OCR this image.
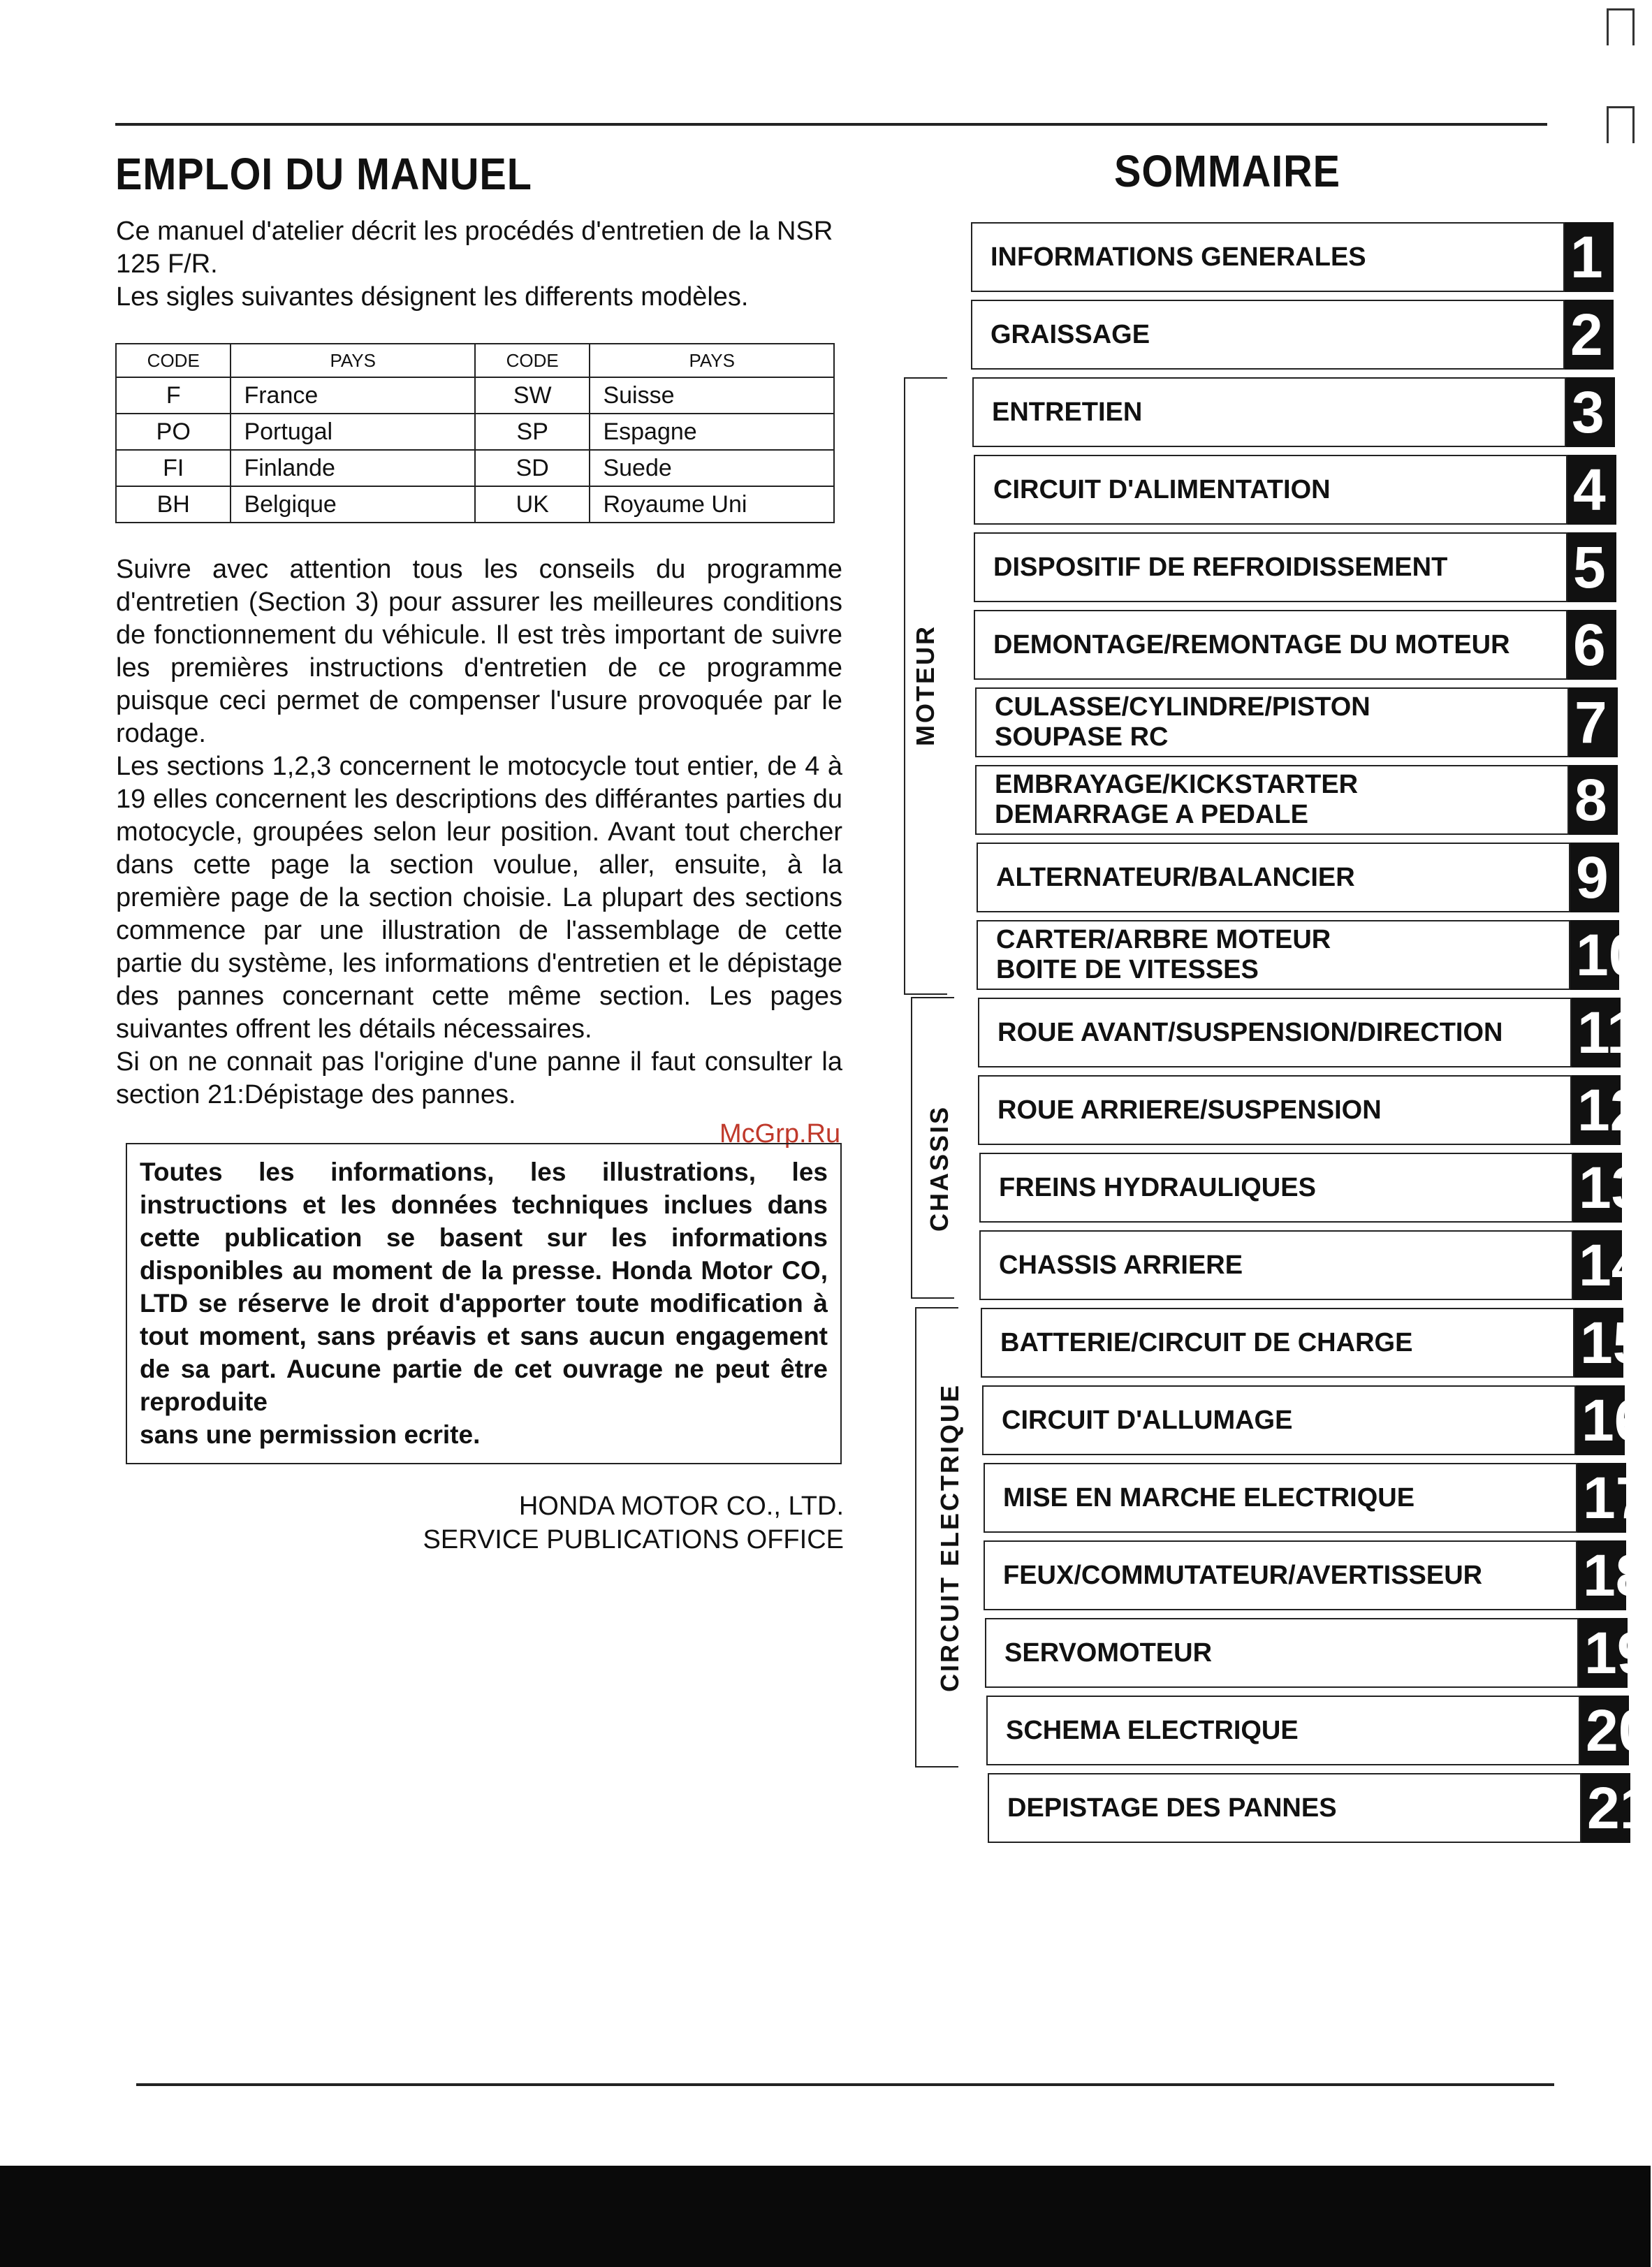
EMPLOI DU MANUEL
Ce manuel d'atelier décrit les procédés d'entretien de la NSR 125 F/R.
Les sigles suivantes désignent les differents modèles.
CODE	PAYS	CODE	PAYS
F	France	SW	Suisse
PO	Portugal	SP	Espagne
FI	Finlande	SD	Suede
BH	Belgique	UK	Royaume Uni
Suivre avec attention tous les conseils du programme d'entretien (Section 3) pour assurer les meilleures conditions de fonctionnement du véhicule. Il est très important de suivre les premières instructions d'entretien de ce programme puisque ceci permet de compenser l'usure provoquée par le rodage.
Les sections 1,2,3 concernent le motocycle tout entier, de 4 à 19 elles concernent les descriptions des différantes parties du motocycle, groupées selon leur position. Avant tout chercher dans cette page la section voulue, aller, ensuite, à la première page de la section choisie. La plupart des sections commence par une illustration de l'assemblage de cette partie du système, les informations d'entretien et le dépistage des pannes concernant cette même section. Les pages suivantes offrent les détails nécessaires.
Si on ne connait pas l'origine d'une panne il faut consulter la section 21:Dépistage des pannes.
McGrp.Ru
Toutes les informations, les illustrations, les instructions et les données techniques inclues dans cette publication se basent sur les informations disponibles au moment de la presse. Honda Motor CO, LTD se réserve le droit d'apporter toute modification à tout moment, sans préavis et sans aucun engagement de sa part. Aucune partie de cet ouvrage ne peut être reproduite
sans une permission ecrite.
HONDA MOTOR CO., LTD.
SERVICE PUBLICATIONS OFFICE
SOMMAIRE
MOTEUR
CHASSIS
CIRCUIT ELECTRIQUE
INFORMATIONS GENERALES	1
GRAISSAGE	2
ENTRETIEN	3
CIRCUIT D'ALIMENTATION	4
DISPOSITIF DE REFROIDISSEMENT 5
DEMONTAGE/REMONTAGE DU MOTEUR 6
CULASSE/CYLINDRE/PISTON
SOUPASE RC	7
EMBRAYAGE/KICKSTARTER
DEMARRAGE A PEDALE	8
ALTERNATEUR/BALANCIER	9
CARTER/ARBRE MOTEUR
BOITE DE VITESSES	10
ROUE AVANT/SUSPENSION/DIRECTION 11
ROUE ARRIERE/SUSPENSION	12
FREINS HYDRAULIQUES	13
CHASSIS ARRIERE	14
BATTERIE/CIRCUIT DE CHARGE	15
CIRCUIT D'ALLUMAGE	16
MISE EN MARCHE ELECTRIQUE	17
FEUX/COMMUTATEUR/AVERTISSEUR 18
SERVOMOTEUR	19
SCHEMA ELECTRIQUE	20
DEPISTAGE DES PANNES	21
